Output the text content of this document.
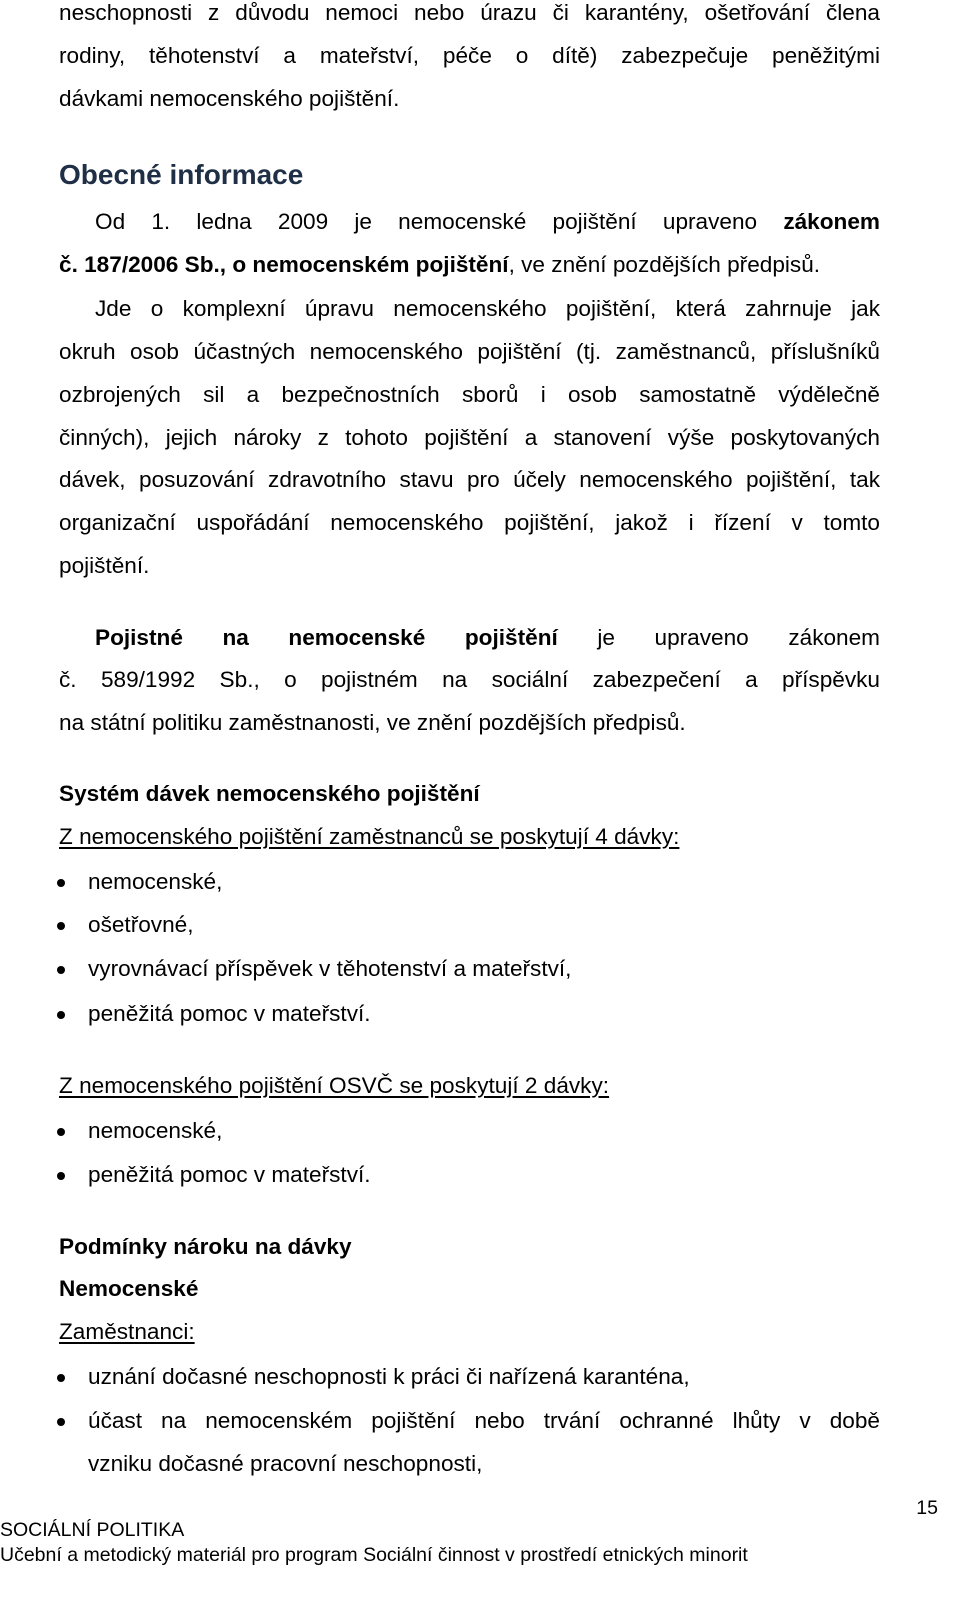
neschopnosti z důvodu nemoci nebo úrazu či karantény, ošetřování člena
rodiny, těhotenství a mateřství, péče o dítě) zabezpečuje peněžitými
dávkami nemocenského pojištění.
Obecné informace
Od 1. ledna 2009 je nemocenské pojištění upraveno zákonem
č. 187/2006 Sb., o nemocenském pojištění, ve znění pozdějších předpisů.
Jde o komplexní úpravu nemocenského pojištění, která zahrnuje jak
okruh osob účastných nemocenského pojištění (tj. zaměstnanců, příslušníků
ozbrojených sil a bezpečnostních sborů i osob samostatně výdělečně
činných), jejich nároky z tohoto pojištění a stanovení výše poskytovaných
dávek, posuzování zdravotního stavu pro účely nemocenského pojištění, tak
organizační uspořádání nemocenského pojištění, jakož i řízení v tomto
pojištění.
Pojistné na nemocenské pojištění je upraveno zákonem
č. 589/1992 Sb., o pojistném na sociální zabezpečení a příspěvku
na státní politiku zaměstnanosti, ve znění pozdějších předpisů.
Systém dávek nemocenského pojištění
Z nemocenského pojištění zaměstnanců se poskytují 4 dávky:
nemocenské,
ošetřovné,
vyrovnávací příspěvek v těhotenství a mateřství,
peněžitá pomoc v mateřství.
Z nemocenského pojištění OSVČ se poskytují 2 dávky:
nemocenské,
peněžitá pomoc v mateřství.
Podmínky nároku na dávky
Nemocenské
Zaměstnanci:
uznání dočasné neschopnosti k práci či nařízená karanténa,
účast na nemocenském pojištění nebo trvání ochranné lhůty v době
vzniku dočasné pracovní neschopnosti,
15
SOCIÁLNÍ POLITIKA
Učební a metodický materiál pro program Sociální činnost v prostředí etnických minorit
